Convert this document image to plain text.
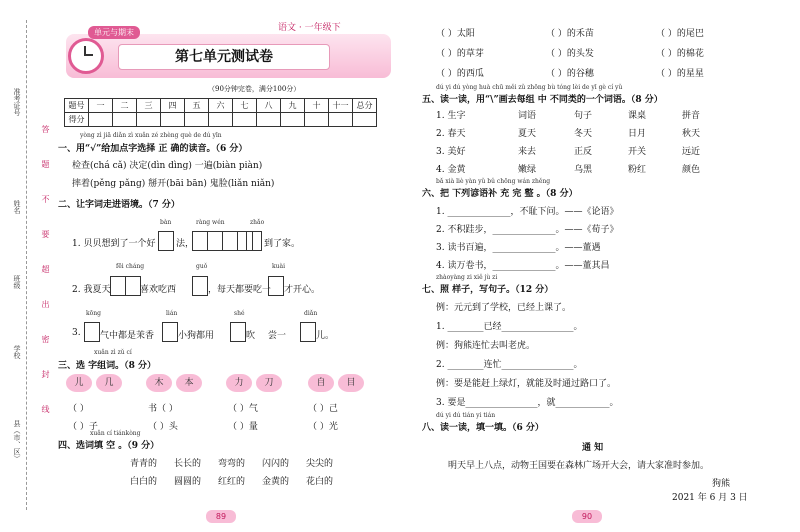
准考证号
姓名
班级
学校
县（市、区）
答
题
不
要
超
出
密
封
线
单元与期末	语文 · 一年级下
第七单元测试卷
（90分钟完卷，满分100分）
题号	一	二	三	四	五	六	七	八	九	十	十一	总分
得分												
yòng zì jiā diǎn zì xuǎn zé zhèng què de dú yīn
一、用“√”给加点字选择 正 确的读音。（6 分）
检查(chá cǎ) 决定(dìn dìng) 一遍(biàn piàn)
摔着(pěng pǎng) 掰开(bāi bān) 鬼脸(liǎn niǎn)
二、让字词走进语境。（7 分）
bàn	ràng wén	zhǎo
1. 贝贝想到了一个好 法，	到了家。
fēi cháng	guǒ	kuài
2. 我夏天	喜欢吃西	，每天都要吃一 才开心。
kōng	lián	shé	diǎn
3. 气中都是茉香	小狗都用	吹 尝一	儿。
xuǎn zì zǔ cí
三、选 字组词。（8 分）
儿	几	木	本	力	刀	自	目
（ ）	书（ ）	（ ）气	（ ）己
（ ）子	（ ）头	（ ）量	（ ）光
xuǎn cí tiánkòng
四、选词填 空 。（9 分）
青青的 长长的 弯弯的 闪闪的 尖尖的
白白的 圆圆的 红红的 金黄的 花白的
89
（ ）太阳	（ ）的禾苗	（ ）的尾巴
（ ）的草芽	（ ）的头发	（ ）的棉花
（ ）的西瓜	（ ）的谷穗	（ ）的星星
dú yi dú yòng huà chū měi zǔ zhōng bù tóng lèi de yī gè cí yǔ
五、读一读，用“\”画去每组 中 不同类的一个词语。（8 分）
1. 生字	词语	句子	课桌	拼音
2. 春天	夏天	冬天	日月	秋天
3. 美好	来去	正反	开关	远近
4. 金黄	嫩绿	乌黑	粉红	颜色
bǎ xià liè yàn yǔ bǔ chōng wán zhěng
六、把 下列谚语补 充 完 整 。（8 分）
1. ______________，不耻下问。——《论语》
2. 不积跬步，______________。——《荀子》
3. 读书百遍，______________。——董遇
4. 读万卷书，______________。——董其昌
zhàoyàng zi xiě jù zi
七、照 样子，写句子。（12 分）
例：元元到了学校，已经上课了。
1. ________已经________________。
例：狗熊连忙去叫老虎。
2. ________连忙________________。
例：要是能赶上绿灯，就能及时通过路口了。
3. 要是________________，就____________。
dú yi dú tián yi tián
八、读一读，填一填。（6 分）
通 知
明天早上八点，动物王国要在森林广场开大会，请大家准时参加。
狗熊
2021 年 6 月 3 日
90
